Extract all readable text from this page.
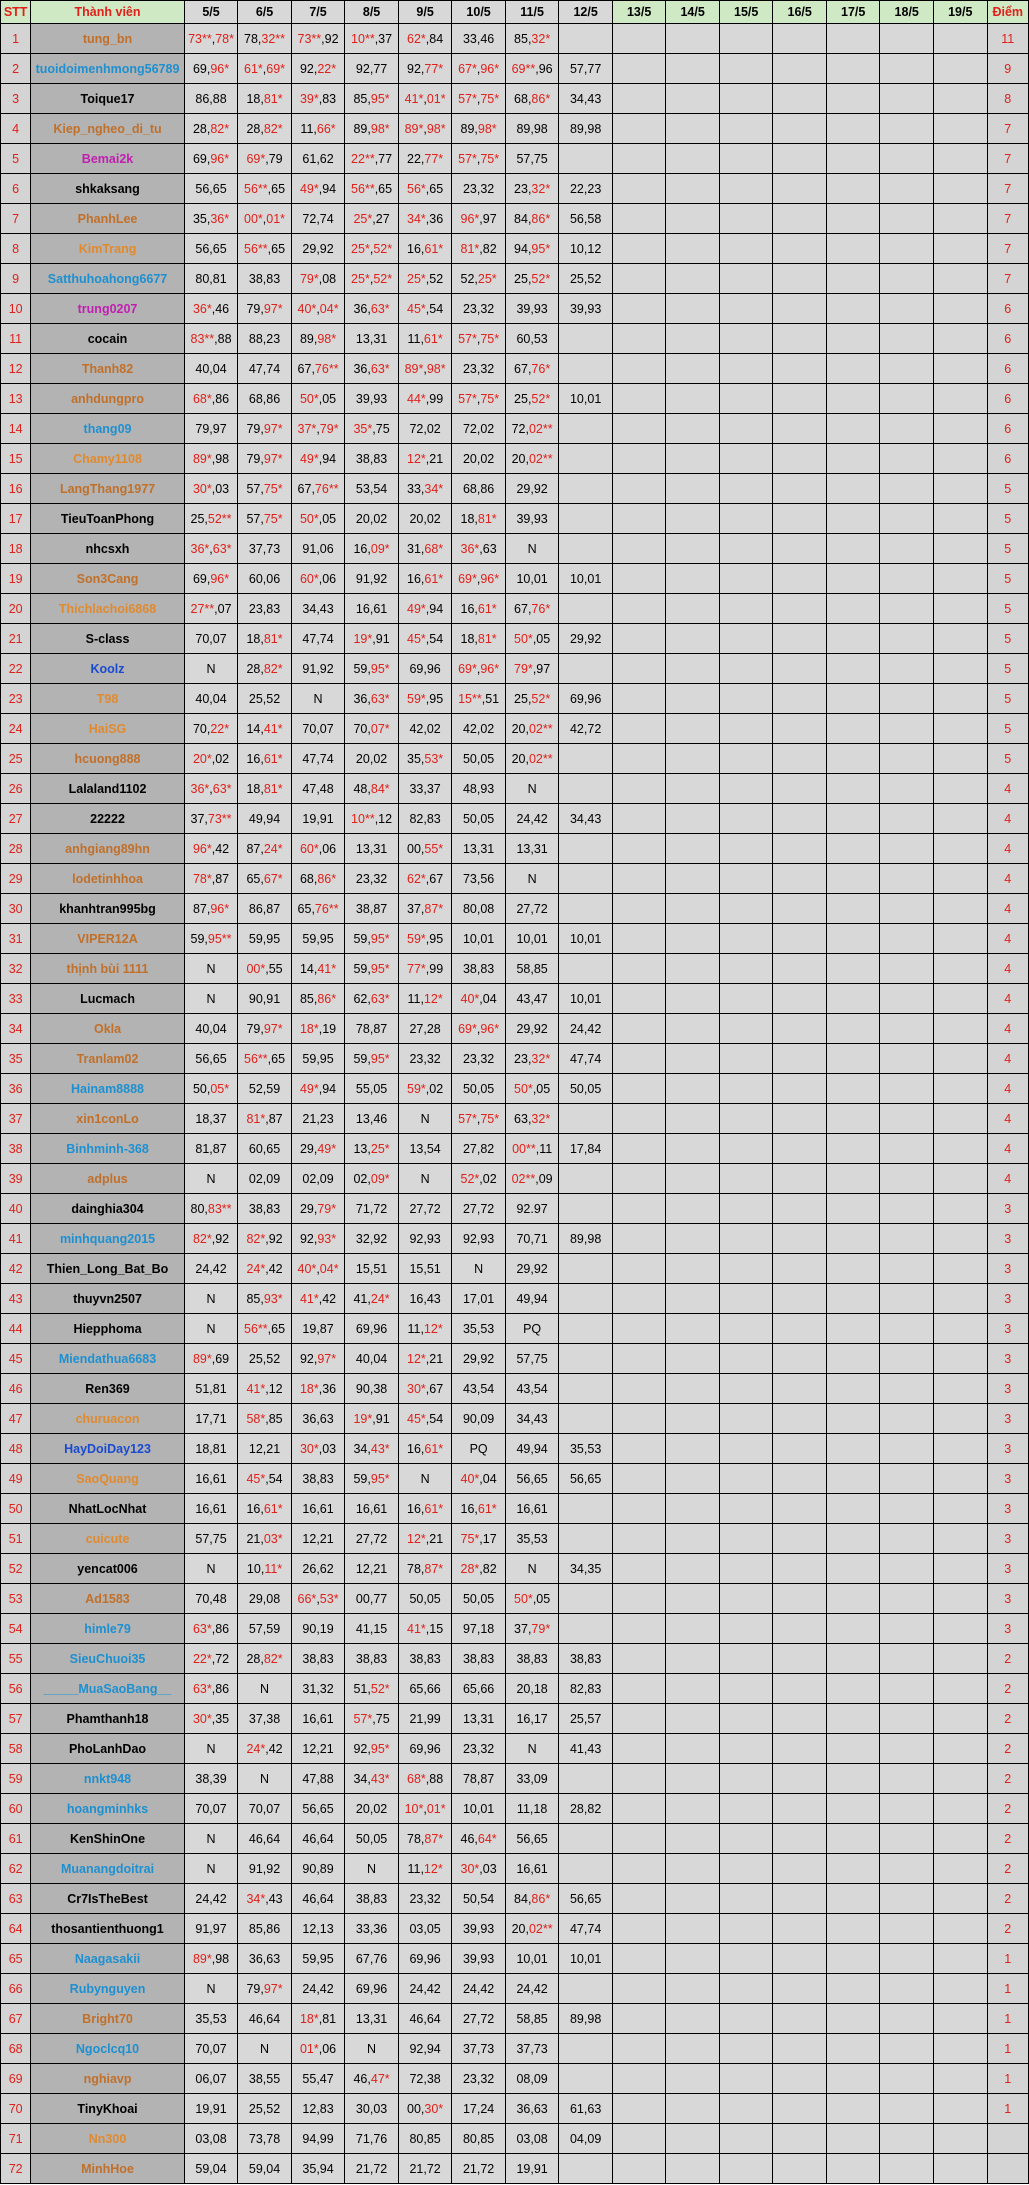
STT	Thành viên	5/5	6/5	7/5	8/5	9/5	10/5	11/5	12/5	13/5	14/5	15/5	16/5	17/5	18/5	19/5	Điểm
1	tung_bn	73**,78*	78,32**	73**,92	10**,37	62*,84	33,46	85,32*									11
2	tuoidoimenhmong56789	69,96*	61*,69*	92,22*	92,77	92,77*	67*,96*	69**,96	57,77								9
3	Toique17	86,88	18,81*	39*,83	85,95*	41*,01*	57*,75*	68,86*	34,43								8
4	Kiep_ngheo_di_tu	28,82*	28,82*	11,66*	89,98*	89*,98*	89,98*	89,98	89,98								7
5	Bemai2k	69,96*	69*,79	61,62	22**,77	22,77*	57*,75*	57,75									7
6	shkaksang	56,65	56**,65	49*,94	56**,65	56*,65	23,32	23,32*	22,23								7
7	PhanhLee	35,36*	00*,01*	72,74	25*,27	34*,36	96*,97	84,86*	56,58								7
8	KimTrang	56,65	56**,65	29,92	25*,52*	16,61*	81*,82	94,95*	10,12								7
9	Satthuhoahong6677	80,81	38,83	79*,08	25*,52*	25*,52	52,25*	25,52*	25,52								7
10	trung0207	36*,46	79,97*	40*,04*	36,63*	45*,54	23,32	39,93	39,93								6
11	cocain	83**,88	88,23	89,98*	13,31	11,61*	57*,75*	60,53									6
12	Thanh82	40,04	47,74	67,76**	36,63*	89*,98*	23,32	67,76*									6
13	anhdungpro	68*,86	68,86	50*,05	39,93	44*,99	57*,75*	25,52*	10,01								6
14	thang09	79,97	79,97*	37*,79*	35*,75	72,02	72,02	72,02**									6
15	Chamy1108	89*,98	79,97*	49*,94	38,83	12*,21	20,02	20,02**									6
16	LangThang1977	30*,03	57,75*	67,76**	53,54	33,34*	68,86	29,92									5
17	TieuToanPhong	25,52**	57,75*	50*,05	20,02	20,02	18,81*	39,93									5
18	nhcsxh	36*,63*	37,73	91,06	16,09*	31,68*	36*,63	N									5
19	Son3Cang	69,96*	60,06	60*,06	91,92	16,61*	69*,96*	10,01	10,01								5
20	Thichlachoi6868	27**,07	23,83	34,43	16,61	49*,94	16,61*	67,76*									5
21	S-class	70,07	18,81*	47,74	19*,91	45*,54	18,81*	50*,05	29,92								5
22	Koolz	N	28,82*	91,92	59,95*	69,96	69*,96*	79*,97									5
23	T98	40,04	25,52	N	36,63*	59*,95	15**,51	25,52*	69,96								5
24	HaiSG	70,22*	14,41*	70,07	70,07*	42,02	42,02	20,02**	42,72								5
25	hcuong888	20*,02	16,61*	47,74	20,02	35,53*	50,05	20,02**									5
26	Lalaland1102	36*,63*	18,81*	47,48	48,84*	33,37	48,93	N									4
27	22222	37,73**	49,94	19,91	10**,12	82,83	50,05	24,42	34,43								4
28	anhgiang89hn	96*,42	87,24*	60*,06	13,31	00,55*	13,31	13,31									4
29	lodetinhhoa	78*,87	65,67*	68,86*	23,32	62*,67	73,56	N									4
30	khanhtran995bg	87,96*	86,87	65,76**	38,87	37,87*	80,08	27,72									4
31	VIPER12A	59,95**	59,95	59,95	59,95*	59*,95	10,01	10,01	10,01								4
32	thịnh bùi 1111	N	00*,55	14,41*	59,95*	77*,99	38,83	58,85									4
33	Lucmach	N	90,91	85,86*	62,63*	11,12*	40*,04	43,47	10,01								4
34	Okla	40,04	79,97*	18*,19	78,87	27,28	69*,96*	29,92	24,42								4
35	Tranlam02	56,65	56**,65	59,95	59,95*	23,32	23,32	23,32*	47,74								4
36	Hainam8888	50,05*	52,59	49*,94	55,05	59*,02	50,05	50*,05	50,05								4
37	xin1conLo	18,37	81*,87	21,23	13,46	N	57*,75*	63,32*									4
38	Binhminh-368	81,87	60,65	29,49*	13,25*	13,54	27,82	00**,11	17,84								4
39	adplus	N	02,09	02,09	02,09*	N	52*,02	02**,09									4
40	dainghia304	80,83**	38,83	29,79*	71,72	27,72	27,72	92.97									3
41	minhquang2015	82*,92	82*,92	92,93*	32,92	92,93	92,93	70,71	89,98								3
42	Thien_Long_Bat_Bo	24,42	24*,42	40*,04*	15,51	15,51	N	29,92									3
43	thuyvn2507	N	85,93*	41*,42	41,24*	16,43	17,01	49,94									3
44	Hiepphoma	N	56**,65	19,87	69,96	11,12*	35,53	PQ									3
45	Miendathua6683	89*,69	25,52	92,97*	40,04	12*,21	29,92	57,75									3
46	Ren369	51,81	41*,12	18*,36	90,38	30*,67	43,54	43,54									3
47	churuacon	17,71	58*,85	36,63	19*,91	45*,54	90,09	34,43									3
48	HayDoiDay123	18,81	12,21	30*,03	34,43*	16,61*	PQ	49,94	35,53								3
49	SaoQuang	16,61	45*,54	38,83	59,95*	N	40*,04	56,65	56,65								3
50	NhatLocNhat	16,61	16,61*	16,61	16,61	16,61*	16,61*	16,61									3
51	cuicute	57,75	21,03*	12,21	27,72	12*,21	75*,17	35,53									3
52	yencat006	N	10,11*	26,62	12,21	78,87*	28*,82	N	34,35								3
53	Ad1583	70,48	29,08	66*,53*	00,77	50,05	50,05	50*,05									3
54	himle79	63*,86	57,59	90,19	41,15	41*,15	97,18	37,79*									3
55	SieuChuoi35	22*,72	28,82*	38,83	38,83	38,83	38,83	38,83	38,83								2
56	_____MuaSaoBang__	63*,86	N	31,32	51,52*	65,66	65,66	20,18	82,83								2
57	Phamthanh18	30*,35	37,38	16,61	57*,75	21,99	13,31	16,17	25,57								2
58	PhoLanhDao	N	24*,42	12,21	92,95*	69,96	23,32	N	41,43								2
59	nnkt948	38,39	N	47,88	34,43*	68*,88	78,87	33,09									2
60	hoangminhks	70,07	70,07	56,65	20,02	10*,01*	10,01	11,18	28,82								2
61	KenShinOne	N	46,64	46,64	50,05	78,87*	46,64*	56,65									2
62	Muanangdoitrai	N	91,92	90,89	N	11,12*	30*,03	16,61									2
63	Cr7IsTheBest	24,42	34*,43	46,64	38,83	23,32	50,54	84,86*	56,65								2
64	thosantienthuong1	91,97	85,86	12,13	33,36	03,05	39,93	20,02**	47,74								2
65	Naagasakii	89*,98	36,63	59,95	67,76	69,96	39,93	10,01	10,01								1
66	Rubynguyen	N	79,97*	24,42	69,96	24,42	24,42	24,42									1
67	Bright70	35,53	46,64	18*,81	13,31	46,64	27,72	58,85	89,98								1
68	Ngoclcq10	70,07	N	01*,06	N	92,94	37,73	37,73									1
69	nghiavp	06,07	38,55	55,47	46,47*	72,38	23,32	08,09									1
70	TinyKhoai	19,91	25,52	12,83	30,03	00,30*	17,24	36,63	61,63								1
71	Nn300	03,08	73,78	94,99	71,76	80,85	80,85	03,08	04,09								
72	MinhHoe	59,04	59,04	35,94	21,72	21,72	21,72	19,91									
